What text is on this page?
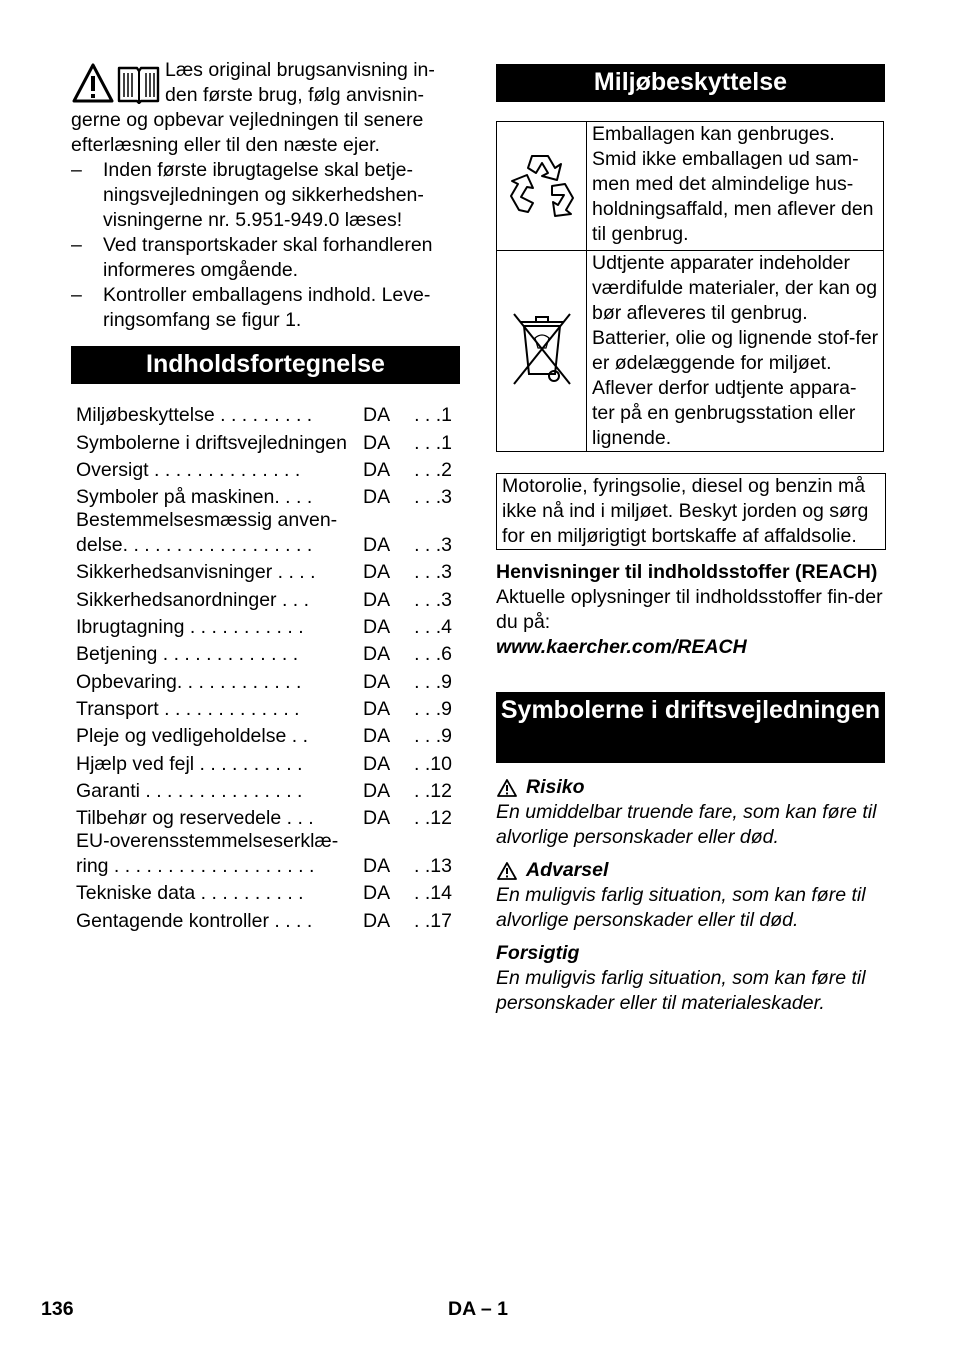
Læs original brugsanvisning in-
den første brug, følg anvisnin-
gerne og opbevar vejledningen til senere efterlæsning eller til den næste ejer.

– Inden første ibrugtagelse skal betje-ningsvejledningen og sikkerhedshen-visningerne nr. 5.951-949.0 læses!
– Ved transportskader skal forhandleren informeres omgående.
– Kontroller emballagens indhold. Leve-ringsomfang se figur 1.
Indholdsfortegnelse
Miljøbeskyttelse . . . . . . . . .	DA	. . .1
Symbolerne i driftsvejledningen DA	. . .1
Oversigt . . . . . . . . . . . . . .	DA	. . .2
Symboler på maskinen. . . .	DA	. . .3
Bestemmelsesmæssig anven-delse. . . . . . . . . . . . . . . . . .	DA	. . .3
Sikkerhedsanvisninger . . . .	DA	. . .3
Sikkerhedsanordninger . . .	DA	. . .3
Ibrugtagning . . . . . . . . . . .	DA	. . .4
Betjening . . . . . . . . . . . . .	DA	. . .6
Opbevaring. . . . . . . . . . . .	DA	. . .9
Transport . . . . . . . . . . . . .	DA	. . .9
Pleje og vedligeholdelse . .	DA	. . .9
Hjælp ved fejl . . . . . . . . . .	DA	. .10
Garanti . . . . . . . . . . . . . . .	DA	. .12
Tilbehør og reservedele . . .	DA	. .12
EU-overensstemmelseserklæ-ring . . . . . . . . . . . . . . . . . . .	DA	. .13
Tekniske data . . . . . . . . . .	DA	. .14
Gentagende kontroller . . . .	DA	. .17
Miljøbeskyttelse
	Emballagen kan genbruges. Smid ikke emballagen ud sam-men med det almindelige hus-holdningsaffald, men aflever den til genbrug.
	Udtjente apparater indeholder værdifulde materialer, der kan og bør afleveres til genbrug. Batterier, olie og lignende stof-fer er ødelæggende for miljøet. Aflever derfor udtjente appara-ter på en genbrugsstation eller lignende.
Motorolie, fyringsolie, diesel og benzin må ikke nå ind i miljøet. Beskyt jorden og sørg for en miljørigtigt bortskaffe af affaldsolie.

Henvisninger til indholdsstoffer (REACH)

Aktuelle oplysninger til indholdsstoffer fin-der du på:

www.kaercher.com/REACH

Symbolerne i driftsvejledningen
Risiko

En umiddelbar truende fare, som kan føre til alvorlige personskader eller død.

Advarsel

En muligvis farlig situation, som kan føre til alvorlige personskader eller til død.

Forsigtig

En muligvis farlig situation, som kan føre til personskader eller til materialeskader.

136	DA – 1
